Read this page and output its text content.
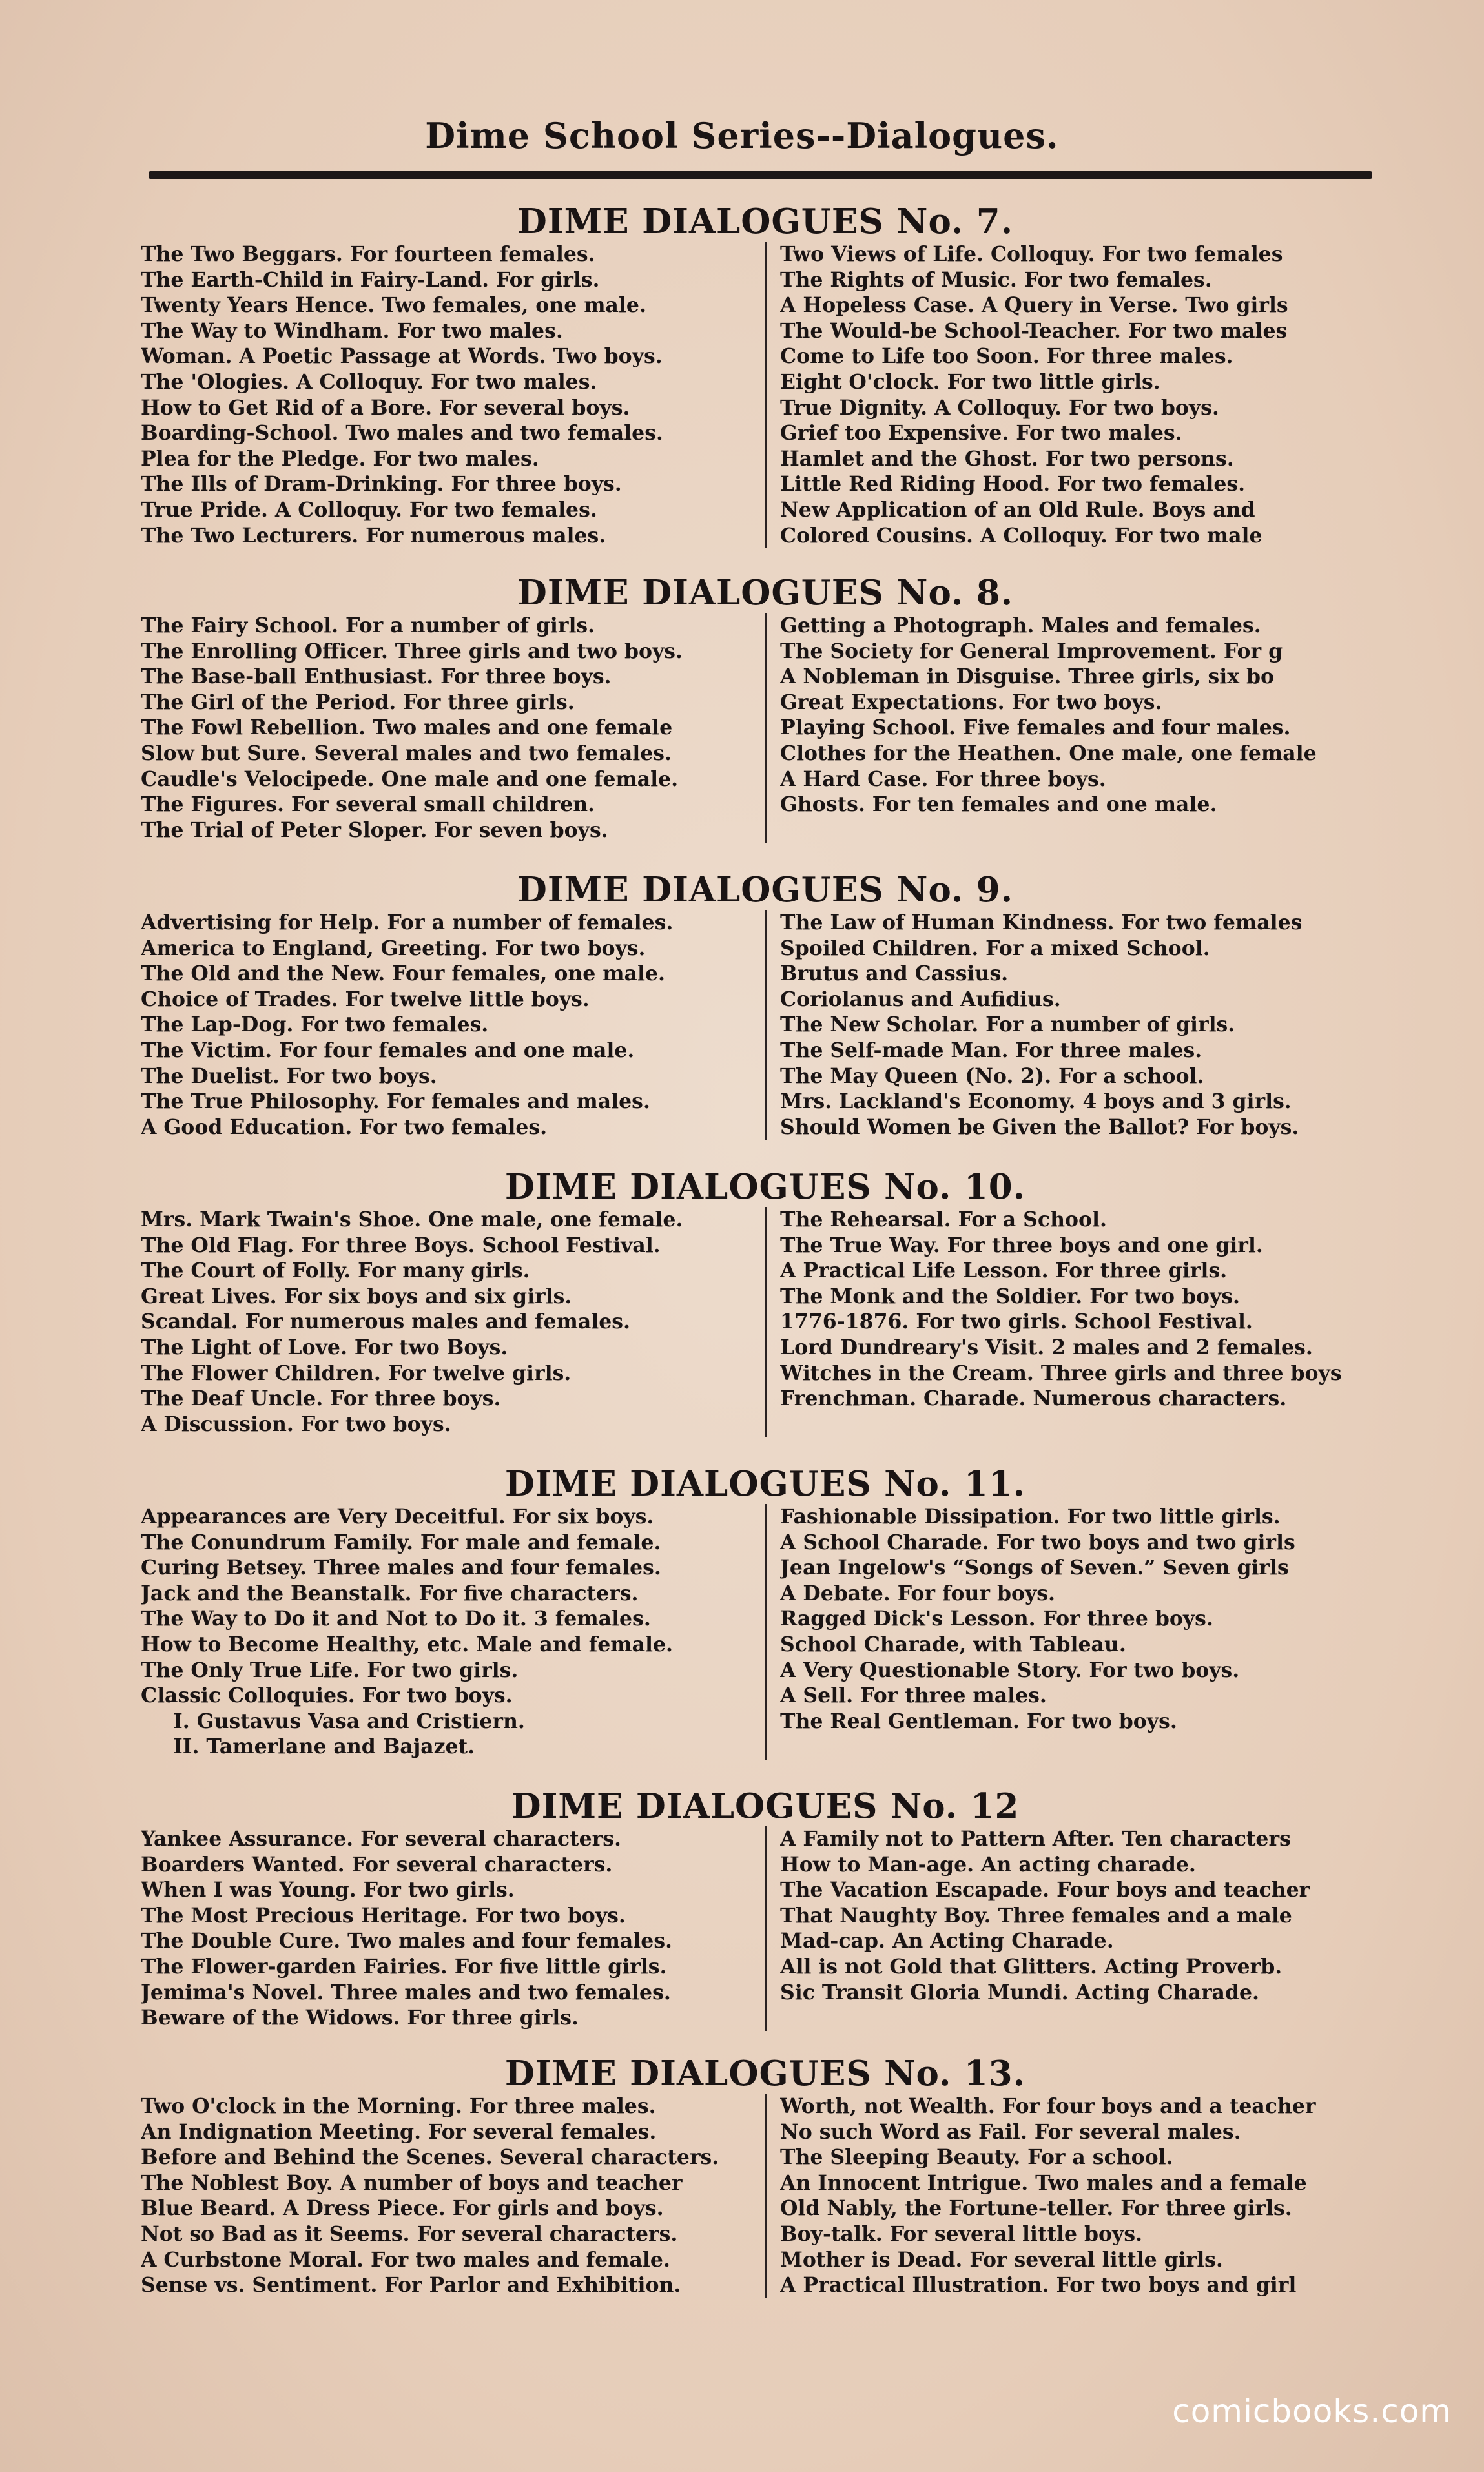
Dime School Series--Dialogues.
DIME DIALOGUES No. 7.
The Two Beggars. For fourteen females.
The Earth-Child in Fairy-Land. For girls.
Twenty Years Hence. Two females, one male.
The Way to Windham. For two males.
Woman. A Poetic Passage at Words. Two boys.
The 'Ologies. A Colloquy. For two males.
How to Get Rid of a Bore. For several boys.
Boarding-School. Two males and two females.
Plea for the Pledge. For two males.
The Ills of Dram-Drinking. For three boys.
True Pride. A Colloquy. For two females.
The Two Lecturers. For numerous males.
Two Views of Life. Colloquy. For two females
The Rights of Music. For two females.
A Hopeless Case. A Query in Verse. Two girls
The Would-be School-Teacher. For two males
Come to Life too Soon. For three males.
Eight O'clock. For two little girls.
True Dignity. A Colloquy. For two boys.
Grief too Expensive. For two males.
Hamlet and the Ghost. For two persons.
Little Red Riding Hood. For two females.
New Application of an Old Rule. Boys and
Colored Cousins. A Colloquy. For two male
DIME DIALOGUES No. 8.
The Fairy School. For a number of girls.
The Enrolling Officer. Three girls and two boys.
The Base-ball Enthusiast. For three boys.
The Girl of the Period. For three girls.
The Fowl Rebellion. Two males and one female
Slow but Sure. Several males and two females.
Caudle's Velocipede. One male and one female.
The Figures. For several small children.
The Trial of Peter Sloper. For seven boys.
Getting a Photograph. Males and females.
The Society for General Improvement. For g
A Nobleman in Disguise. Three girls, six bo
Great Expectations. For two boys.
Playing School. Five females and four males.
Clothes for the Heathen. One male, one female
A Hard Case. For three boys.
Ghosts. For ten females and one male.
DIME DIALOGUES No. 9.
Advertising for Help. For a number of females.
America to England, Greeting. For two boys.
The Old and the New. Four females, one male.
Choice of Trades. For twelve little boys.
The Lap-Dog. For two females.
The Victim. For four females and one male.
The Duelist. For two boys.
The True Philosophy. For females and males.
A Good Education. For two females.
The Law of Human Kindness. For two females
Spoiled Children. For a mixed School.
Brutus and Cassius.
Coriolanus and Aufidius.
The New Scholar. For a number of girls.
The Self-made Man. For three males.
The May Queen (No. 2). For a school.
Mrs. Lackland's Economy. 4 boys and 3 girls.
Should Women be Given the Ballot? For boys.
DIME DIALOGUES No. 10.
Mrs. Mark Twain's Shoe. One male, one female.
The Old Flag. For three Boys. School Festival.
The Court of Folly. For many girls.
Great Lives. For six boys and six girls.
Scandal. For numerous males and females.
The Light of Love. For two Boys.
The Flower Children. For twelve girls.
The Deaf Uncle. For three boys.
A Discussion. For two boys.
The Rehearsal. For a School.
The True Way. For three boys and one girl.
A Practical Life Lesson. For three girls.
The Monk and the Soldier. For two boys.
1776-1876. For two girls. School Festival.
Lord Dundreary's Visit. 2 males and 2 females.
Witches in the Cream. Three girls and three boys
Frenchman. Charade. Numerous characters.
DIME DIALOGUES No. 11.
Appearances are Very Deceitful. For six boys.
The Conundrum Family. For male and female.
Curing Betsey. Three males and four females.
Jack and the Beanstalk. For five characters.
The Way to Do it and Not to Do it. 3 females.
How to Become Healthy, etc. Male and female.
The Only True Life. For two girls.
Classic Colloquies. For two boys.
I. Gustavus Vasa and Cristiern.
II. Tamerlane and Bajazet.
Fashionable Dissipation. For two little girls.
A School Charade. For two boys and two girls
Jean Ingelow's “Songs of Seven.” Seven girls
A Debate. For four boys.
Ragged Dick's Lesson. For three boys.
School Charade, with Tableau.
A Very Questionable Story. For two boys.
A Sell. For three males.
The Real Gentleman. For two boys.
DIME DIALOGUES No. 12
Yankee Assurance. For several characters.
Boarders Wanted. For several characters.
When I was Young. For two girls.
The Most Precious Heritage. For two boys.
The Double Cure. Two males and four females.
The Flower-garden Fairies. For five little girls.
Jemima's Novel. Three males and two females.
Beware of the Widows. For three girls.
A Family not to Pattern After. Ten characters
How to Man-age. An acting charade.
The Vacation Escapade. Four boys and teacher
That Naughty Boy. Three females and a male
Mad-cap. An Acting Charade.
All is not Gold that Glitters. Acting Proverb.
Sic Transit Gloria Mundi. Acting Charade.
DIME DIALOGUES No. 13.
Two O'clock in the Morning. For three males.
An Indignation Meeting. For several females.
Before and Behind the Scenes. Several characters.
The Noblest Boy. A number of boys and teacher
Blue Beard. A Dress Piece. For girls and boys.
Not so Bad as it Seems. For several characters.
A Curbstone Moral. For two males and female.
Sense vs. Sentiment. For Parlor and Exhibition.
Worth, not Wealth. For four boys and a teacher
No such Word as Fail. For several males.
The Sleeping Beauty. For a school.
An Innocent Intrigue. Two males and a female
Old Nably, the Fortune-teller. For three girls.
Boy-talk. For several little boys.
Mother is Dead. For several little girls.
A Practical Illustration. For two boys and girl
comicbooks.com
